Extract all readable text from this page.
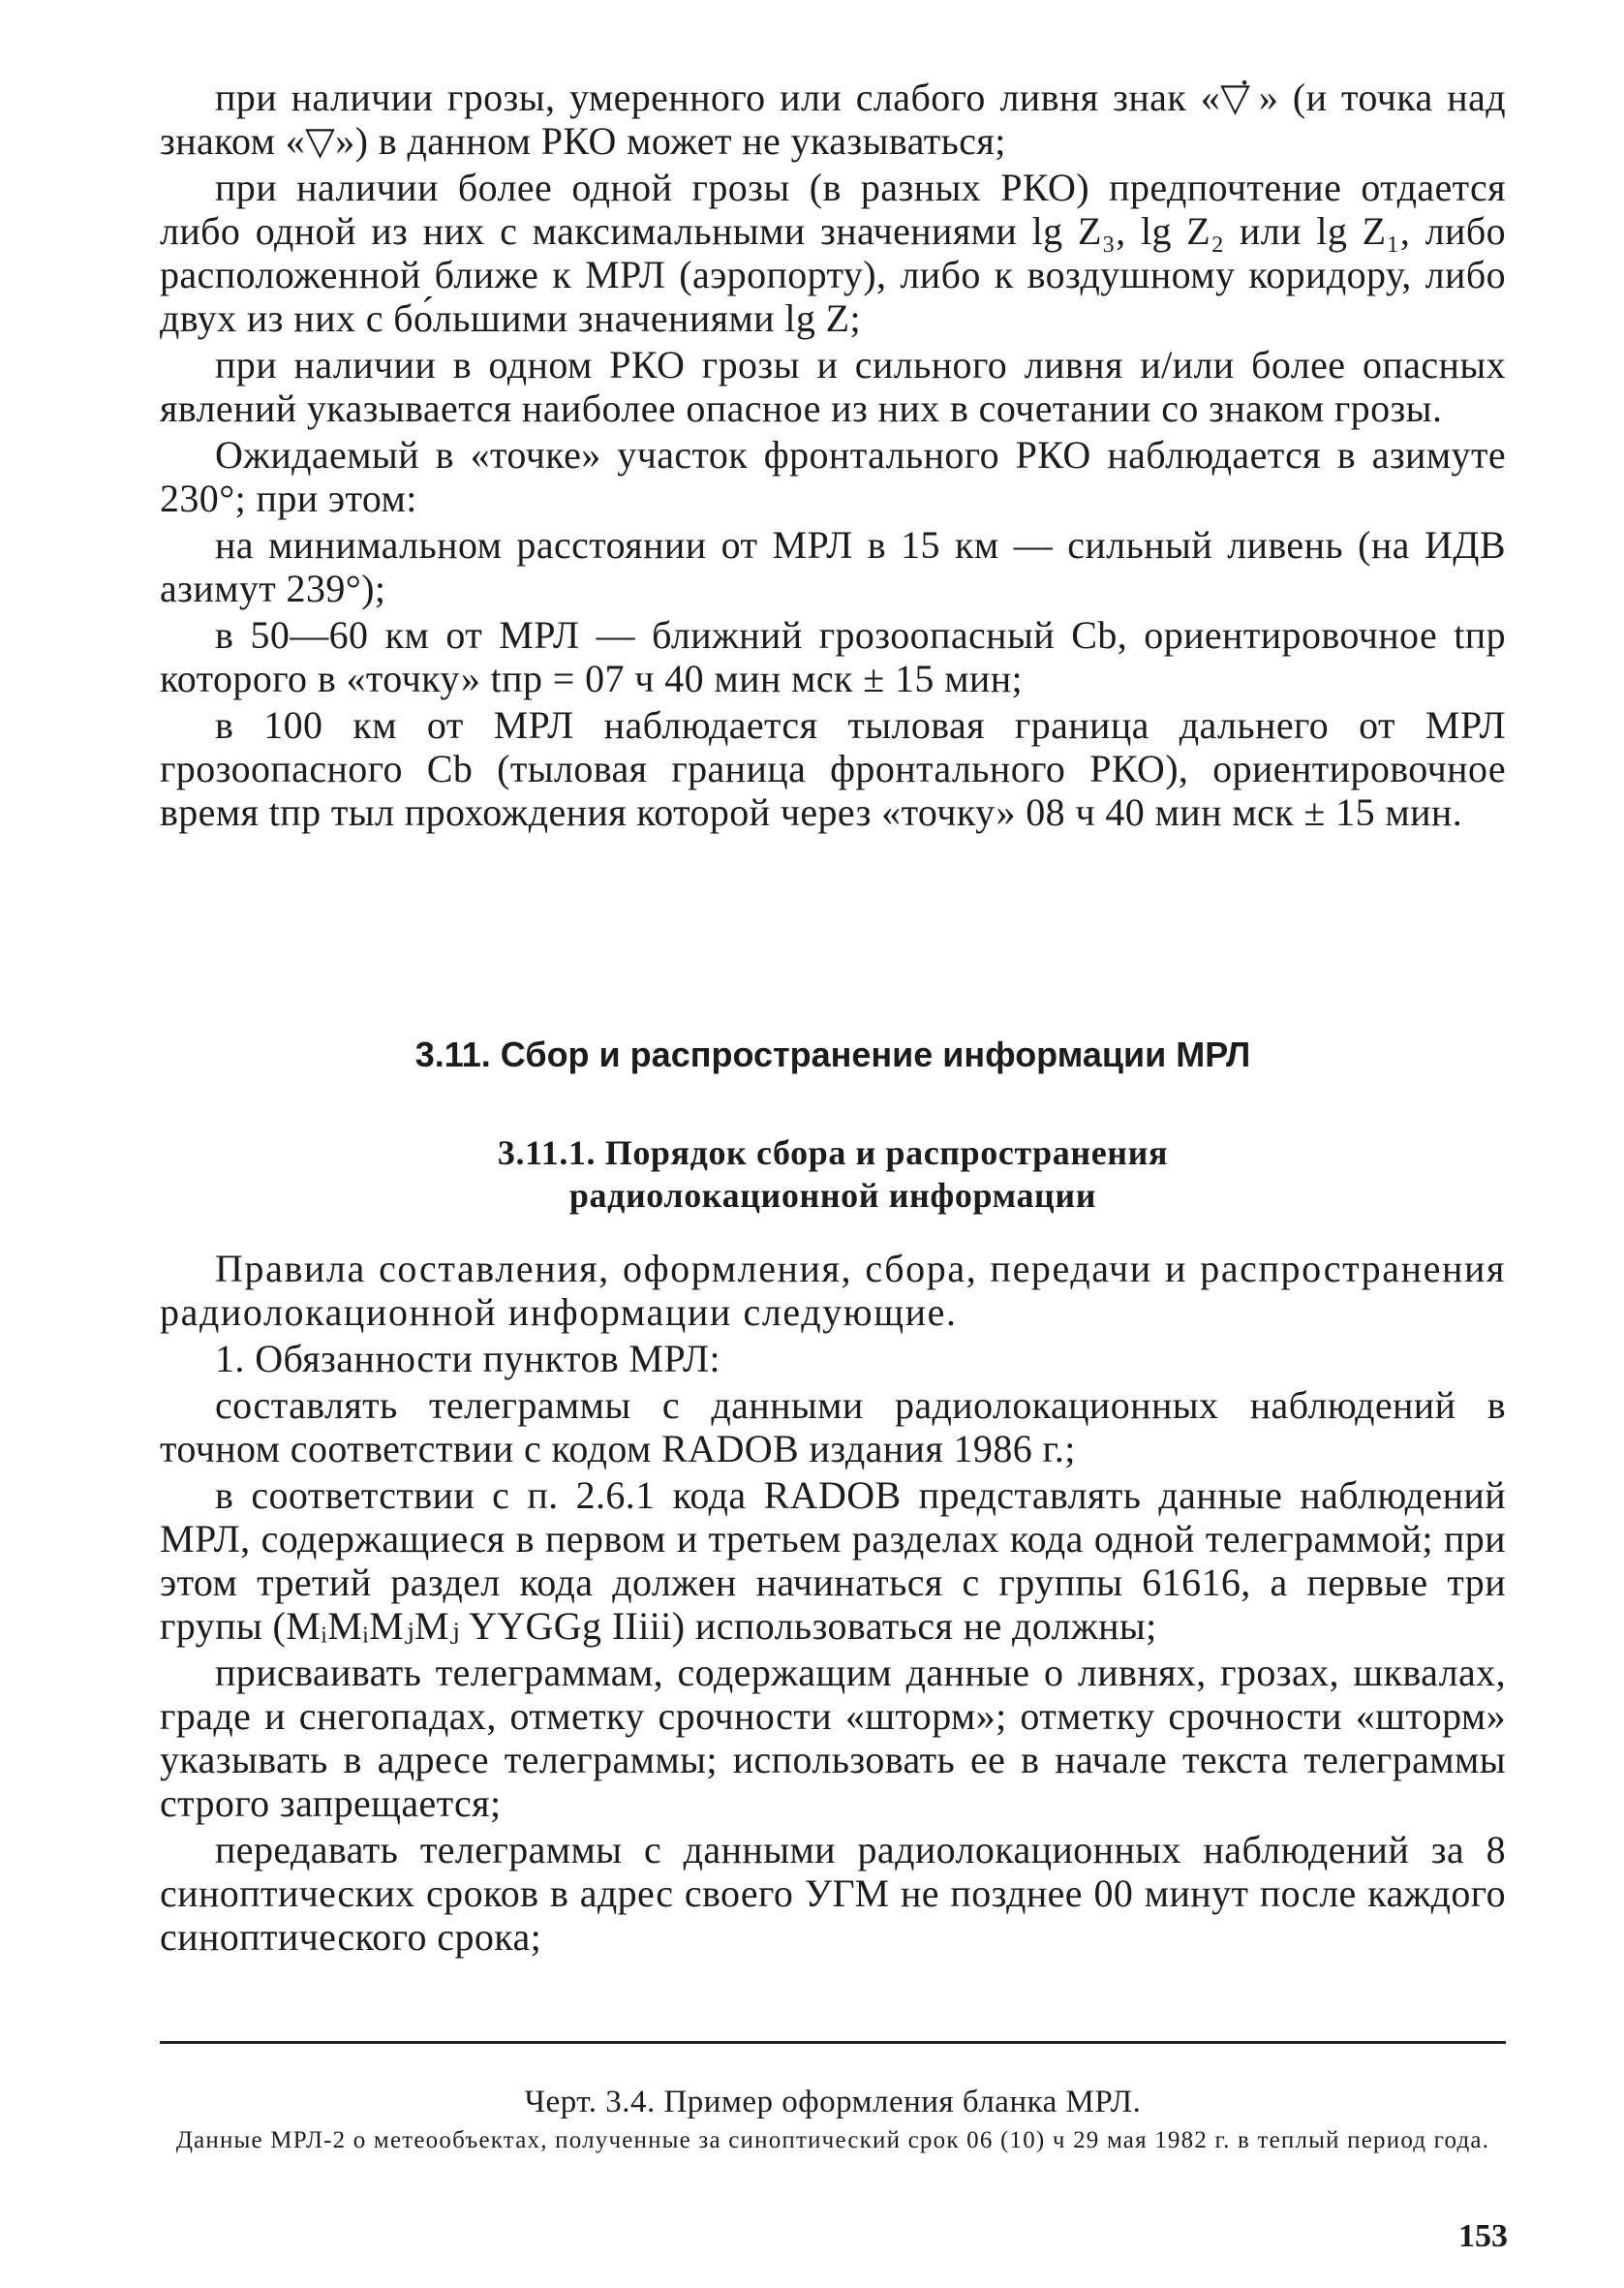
при наличии грозы, умеренного или слабого ливня знак «▽̇» (и точка над знаком «▽») в данном РКО может не указываться;

при наличии более одной грозы (в разных РКО) предпочтение отдается либо одной из них с максимальными значениями lg Z₃, lg Z₂ или lg Z₁, либо расположенной ближе к МРЛ (аэропорту), либо к воздушному коридору, либо двух из них с бо́льшими значениями lg Z;

при наличии в одном РКО грозы и сильного ливня и/или более опасных явлений указывается наиболее опасное из них в сочетании со знаком грозы.

Ожидаемый в «точке» участок фронтального РКО наблюдается в азимуте 230°; при этом:

на минимальном расстоянии от МРЛ в 15 км — сильный ливень (на ИДВ азимут 239°);

в 50—60 км от МРЛ — ближний грозоопасный Cb, ориентировочное tпр которого в «точку» tпр = 07 ч 40 мин мск ± 15 мин;

в 100 км от МРЛ наблюдается тыловая граница дальнего от МРЛ грозоопасного Cb (тыловая граница фронтального РКО), ориентировочное время tпр тыл прохождения которой через «точку» 08 ч 40 мин мск ± 15 мин.

3.11. Сбор и распространение информации МРЛ

3.11.1. Порядок сбора и распространения

радиолокационной информации

Правила составления, оформления, сбора, передачи и распространения радиолокационной информации следующие.

1. Обязанности пунктов МРЛ:

составлять телеграммы с данными радиолокационных наблюдений в точном соответствии с кодом RADOB издания 1986 г.;

в соответствии с п. 2.6.1 кода RADOB представлять данные наблюдений МРЛ, содержащиеся в первом и третьем разделах кода одной телеграммой; при этом третий раздел кода должен начинаться с группы 61616, а первые три групы (MᵢMᵢMⱼMⱼ YYGGg IIiii) использоваться не должны;

присваивать телеграммам, содержащим данные о ливнях, грозах, шквалах, граде и снегопадах, отметку срочности «шторм»; отметку срочности «шторм» указывать в адресе телеграммы; использовать ее в начале текста телеграммы строго запрещается;

передавать телеграммы с данными радиолокационных наблюдений за 8 синоптических сроков в адрес своего УГМ не позднее 00 минут после каждого синоптического срока;

Черт. 3.4. Пример оформления бланка МРЛ.

Данные МРЛ-2 о метеообъектах, полученные за синоптический срок 06 (10) ч 29 мая 1982 г. в теплый период года.

153
